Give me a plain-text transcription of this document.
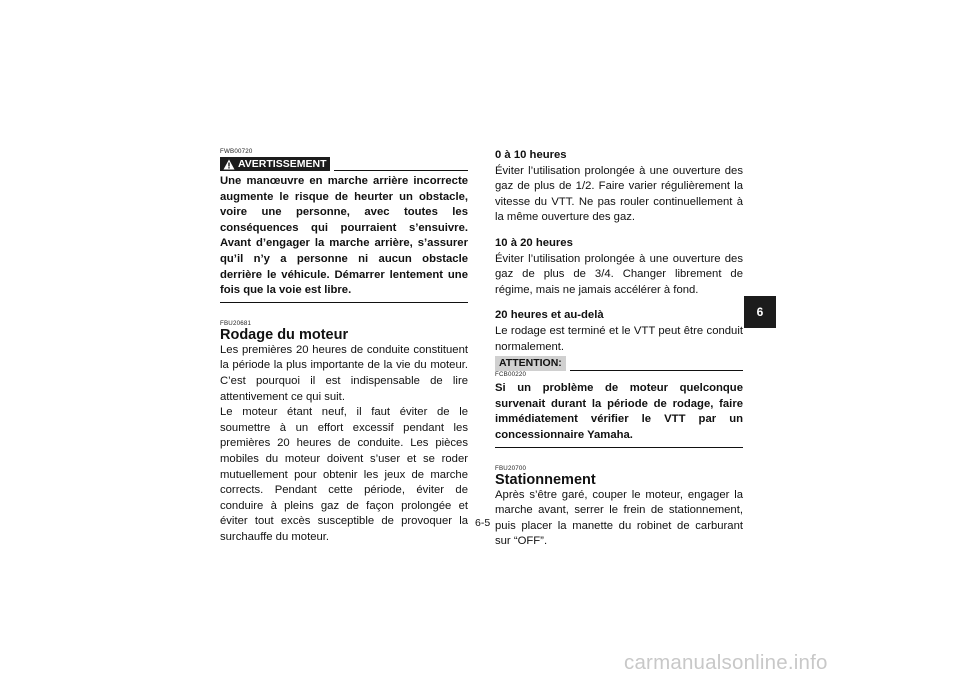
FWB00720
AVERTISSEMENT

Une manœuvre en marche arrière incorrecte augmente le risque de heurter un obstacle, voire une personne, avec toutes les conséquences qui pourraient s’ensuivre. Avant d’engager la marche arrière, s’assurer qu’il n’y a personne ni aucun obstacle derrière le véhicule. Démarrer lentement une fois que la voie est libre.

FBU20681
Rodage du moteur

Les premières 20 heures de conduite constituent la période la plus importante de la vie du moteur. C’est pourquoi il est indispensable de lire attentivement ce qui suit.

Le moteur étant neuf, il faut éviter de le soumettre à un effort excessif pendant les premières 20 heures de conduite. Les pièces mobiles du moteur doivent s’user et se roder mutuellement pour obtenir les jeux de marche corrects. Pendant cette période, éviter de conduire à pleins gaz de façon prolongée et éviter tout excès susceptible de provoquer la surchauffe du moteur.

0 à 10 heures

Éviter l’utilisation prolongée à une ouverture des gaz de plus de 1/2. Faire varier régulièrement la vitesse du VTT. Ne pas rouler continuellement à la même ouverture des gaz.

10 à 20 heures

Éviter l’utilisation prolongée à une ouverture des gaz de plus de 3/4. Changer librement de régime, mais ne jamais accélérer à fond.

20 heures et au-delà

Le rodage est terminé et le VTT peut être conduit normalement.

ATTENTION:
FCB00220

Si un problème de moteur quelconque survenait durant la période de rodage, faire immédiatement vérifier le VTT par un concessionnaire Yamaha.

FBU20700
Stationnement

Après s’être garé, couper le moteur, engager la marche avant, serrer le frein de stationnement, puis placer la manette du robinet de carburant sur “OFF”.

6-5
6
carmanualsonline.info
